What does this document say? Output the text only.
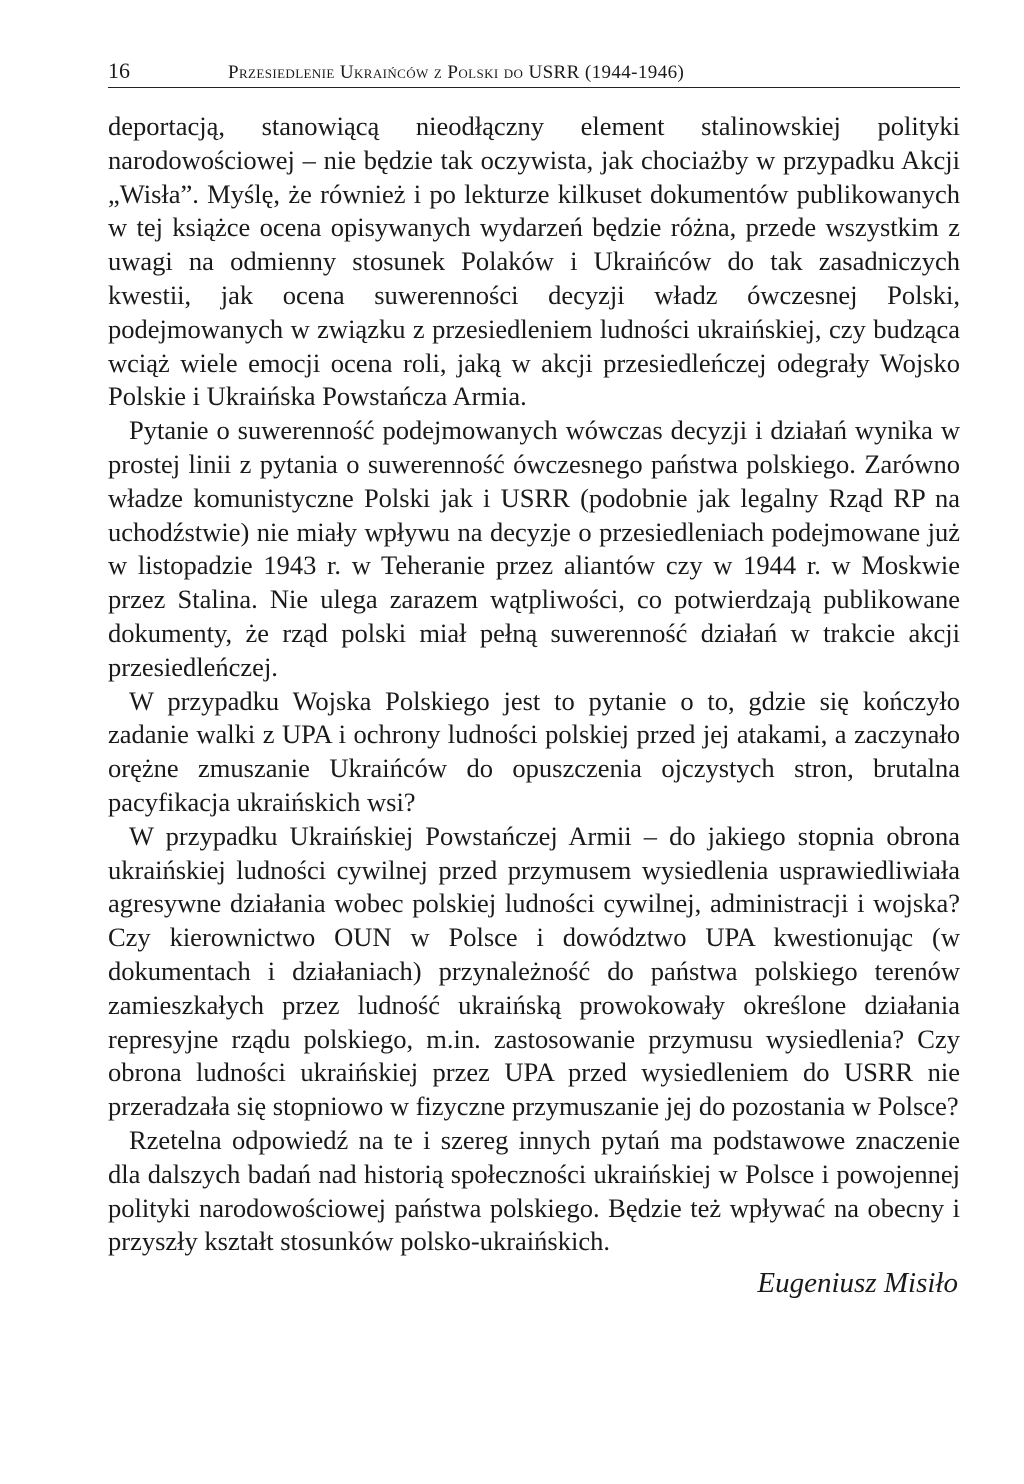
16	Przesiedlenie Ukraińców z Polski do USRR (1944-1946)

deportacją, stanowiącą nieodłączny element stalinowskiej polityki narodowościowej – nie będzie tak oczywista, jak chociażby w przypadku Akcji „Wisła”. Myślę, że również i po lekturze kilkuset dokumentów publikowanych w tej książce ocena opisywanych wydarzeń będzie różna, przede wszystkim z uwagi na odmienny stosunek Polaków i Ukraińców do tak zasadniczych kwestii, jak ocena suwerenności decyzji władz ówczesnej Polski, podejmowanych w związku z przesiedleniem ludności ukraińskiej, czy budząca wciąż wiele emocji ocena roli, jaką w akcji przesiedleńczej odegrały Wojsko Polskie i Ukraińska Powstańcza Armia.

Pytanie o suwerenność podejmowanych wówczas decyzji i działań wynika w prostej linii z pytania o suwerenność ówczesnego państwa polskiego. Zarówno władze komunistyczne Polski jak i USRR (podobnie jak legalny Rząd RP na uchodźstwie) nie miały wpływu na decyzje o przesiedleniach podejmowane już w listopadzie 1943 r. w Teheranie przez aliantów czy w 1944 r. w Moskwie przez Stalina. Nie ulega zarazem wątpliwości, co potwierdzają publikowane dokumenty, że rząd polski miał pełną suwerenność działań w trakcie akcji przesiedleńczej.

W przypadku Wojska Polskiego jest to pytanie o to, gdzie się kończyło zadanie walki z UPA i ochrony ludności polskiej przed jej atakami, a zaczynało orężne zmuszanie Ukraińców do opuszczenia ojczystych stron, brutalna pacyfikacja ukraińskich wsi?

W przypadku Ukraińskiej Powstańczej Armii – do jakiego stopnia obrona ukraińskiej ludności cywilnej przed przymusem wysiedlenia usprawiedliwiała agresywne działania wobec polskiej ludności cywilnej, administracji i wojska? Czy kierownictwo OUN w Polsce i dowództwo UPA kwestionując (w dokumentach i działaniach) przynależność do państwa polskiego terenów zamieszkałych przez ludność ukraińską prowokowały określone działania represyjne rządu polskiego, m.in. zastosowanie przymusu wysiedlenia? Czy obrona ludności ukraińskiej przez UPA przed wysiedleniem do USRR nie przeradzała się stopniowo w fizyczne przymuszanie jej do pozostania w Polsce?

Rzetelna odpowiedź na te i szereg innych pytań ma podstawowe znaczenie dla dalszych badań nad historią społeczności ukraińskiej w Polsce i powojennej polityki narodowościowej państwa polskiego. Będzie też wpływać na obecny i przyszły kształt stosunków polsko-ukraińskich.

Eugeniusz Misiło
